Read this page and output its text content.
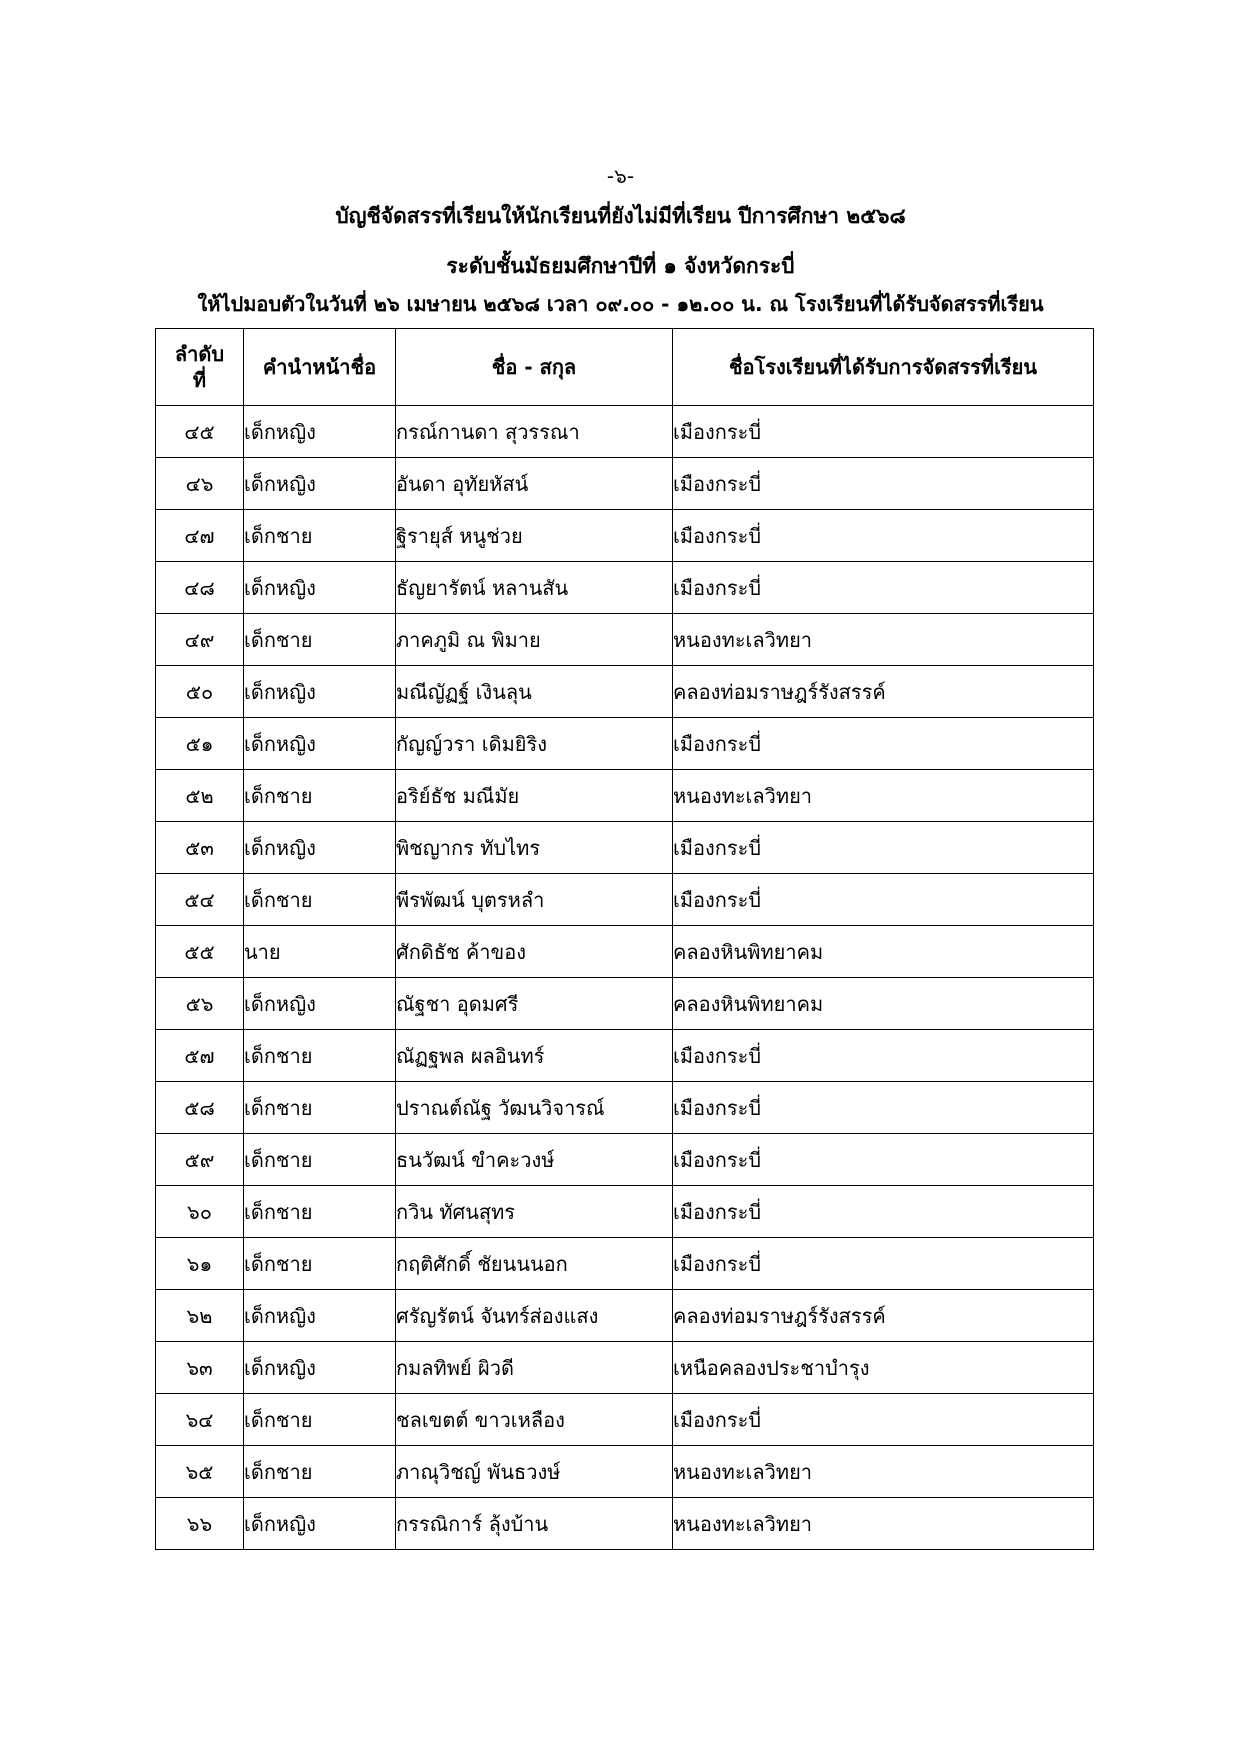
-๖-
บัญชีจัดสรรที่เรียนให้นักเรียนที่ยังไม่มีที่เรียน ปีการศึกษา ๒๕๖๘
ระดับชั้นมัธยมศึกษาปีที่ ๑ จังหวัดกระบี่
ให้ไปมอบตัวในวันที่ ๒๖ เมษายน ๒๕๖๘ เวลา ๐๙.๐๐ - ๑๒.๐๐ น. ณ โรงเรียนที่ได้รับจัดสรรที่เรียน
ลำดับ
ที่	คำนำหน้าชื่อ	ชื่อ - สกุล	ชื่อโรงเรียนที่ได้รับการจัดสรรที่เรียน
๔๕	เด็กหญิง	กรณ์กานดา สุวรรณา	เมืองกระบี่
๔๖	เด็กหญิง	อันดา อุทัยหัสน์	เมืองกระบี่
๔๗	เด็กชาย	ฐิรายุส์ หนูช่วย	เมืองกระบี่
๔๘	เด็กหญิง	ธัญยารัตน์ หลานสัน	เมืองกระบี่
๔๙	เด็กชาย	ภาคภูมิ ณ พิมาย	หนองทะเลวิทยา
๕๐	เด็กหญิง	มณีญัฏฐ์ เงินลุน	คลองท่อมราษฎร์รังสรรค์
๕๑	เด็กหญิง	กัญญ์วรา เดิมยิริง	เมืองกระบี่
๕๒	เด็กชาย	อริย์ธัช มณีมัย	หนองทะเลวิทยา
๕๓	เด็กหญิง	พิชญากร ทับไทร	เมืองกระบี่
๕๔	เด็กชาย	พีรพัฒน์ บุตรหลำ	เมืองกระบี่
๕๕	นาย	ศักดิธัช ค้าของ	คลองหินพิทยาคม
๕๖	เด็กหญิง	ณัฐชา อุดมศรี	คลองหินพิทยาคม
๕๗	เด็กชาย	ณัฏฐพล ผลอินทร์	เมืองกระบี่
๕๘	เด็กชาย	ปราณต์ณัฐ วัฒนวิจารณ์	เมืองกระบี่
๕๙	เด็กชาย	ธนวัฒน์ ขำคะวงษ์	เมืองกระบี่
๖๐	เด็กชาย	กวิน ทัศนสุทร	เมืองกระบี่
๖๑	เด็กชาย	กฤติศักดิ์ ชัยนนนอก	เมืองกระบี่
๖๒	เด็กหญิง	ศรัญรัตน์ จันทร์ส่องแสง	คลองท่อมราษฎร์รังสรรค์
๖๓	เด็กหญิง	กมลทิพย์ ผิวดี	เหนือคลองประชาบำรุง
๖๔	เด็กชาย	ชลเขตต์ ขาวเหลือง	เมืองกระบี่
๖๕	เด็กชาย	ภาณุวิชญ์ พันธวงษ์	หนองทะเลวิทยา
๖๖	เด็กหญิง	กรรณิการ์ ลุ้งบ้าน	หนองทะเลวิทยา
